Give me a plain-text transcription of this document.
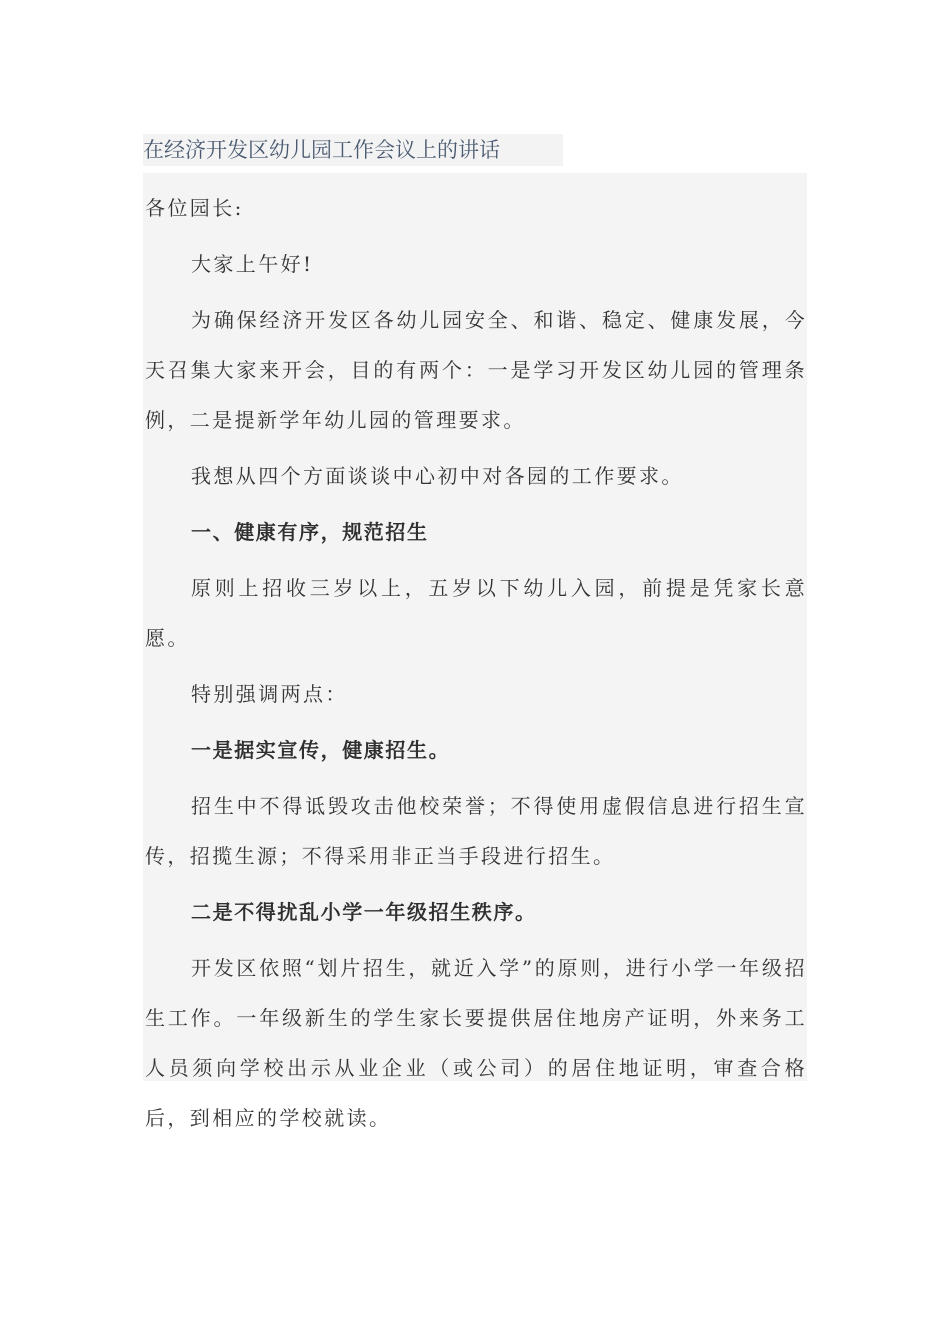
在经济开发区幼儿园工作会议上的讲话

各位园长:

大家上午好!

为确保经济开发区各幼儿园安全、和谐、稳定、健康发展，今天召集大家来开会，目的有两个：一是学习开发区幼儿园的管理条例，二是提新学年幼儿园的管理要求。

我想从四个方面谈谈中心初中对各园的工作要求。

一、健康有序，规范招生

原则上招收三岁以上，五岁以下幼儿入园，前提是凭家长意愿。

特别强调两点：

一是据实宣传，健康招生。

招生中不得诋毁攻击他校荣誉；不得使用虚假信息进行招生宣传，招揽生源；不得采用非正当手段进行招生。

二是不得扰乱小学一年级招生秩序。

开发区依照“划片招生，就近入学”的原则，进行小学一年级招生工作。一年级新生的学生家长要提供居住地房产证明，外来务工人员须向学校出示从业企业（或公司）的居住地证明，审查合格后，到相应的学校就读。
